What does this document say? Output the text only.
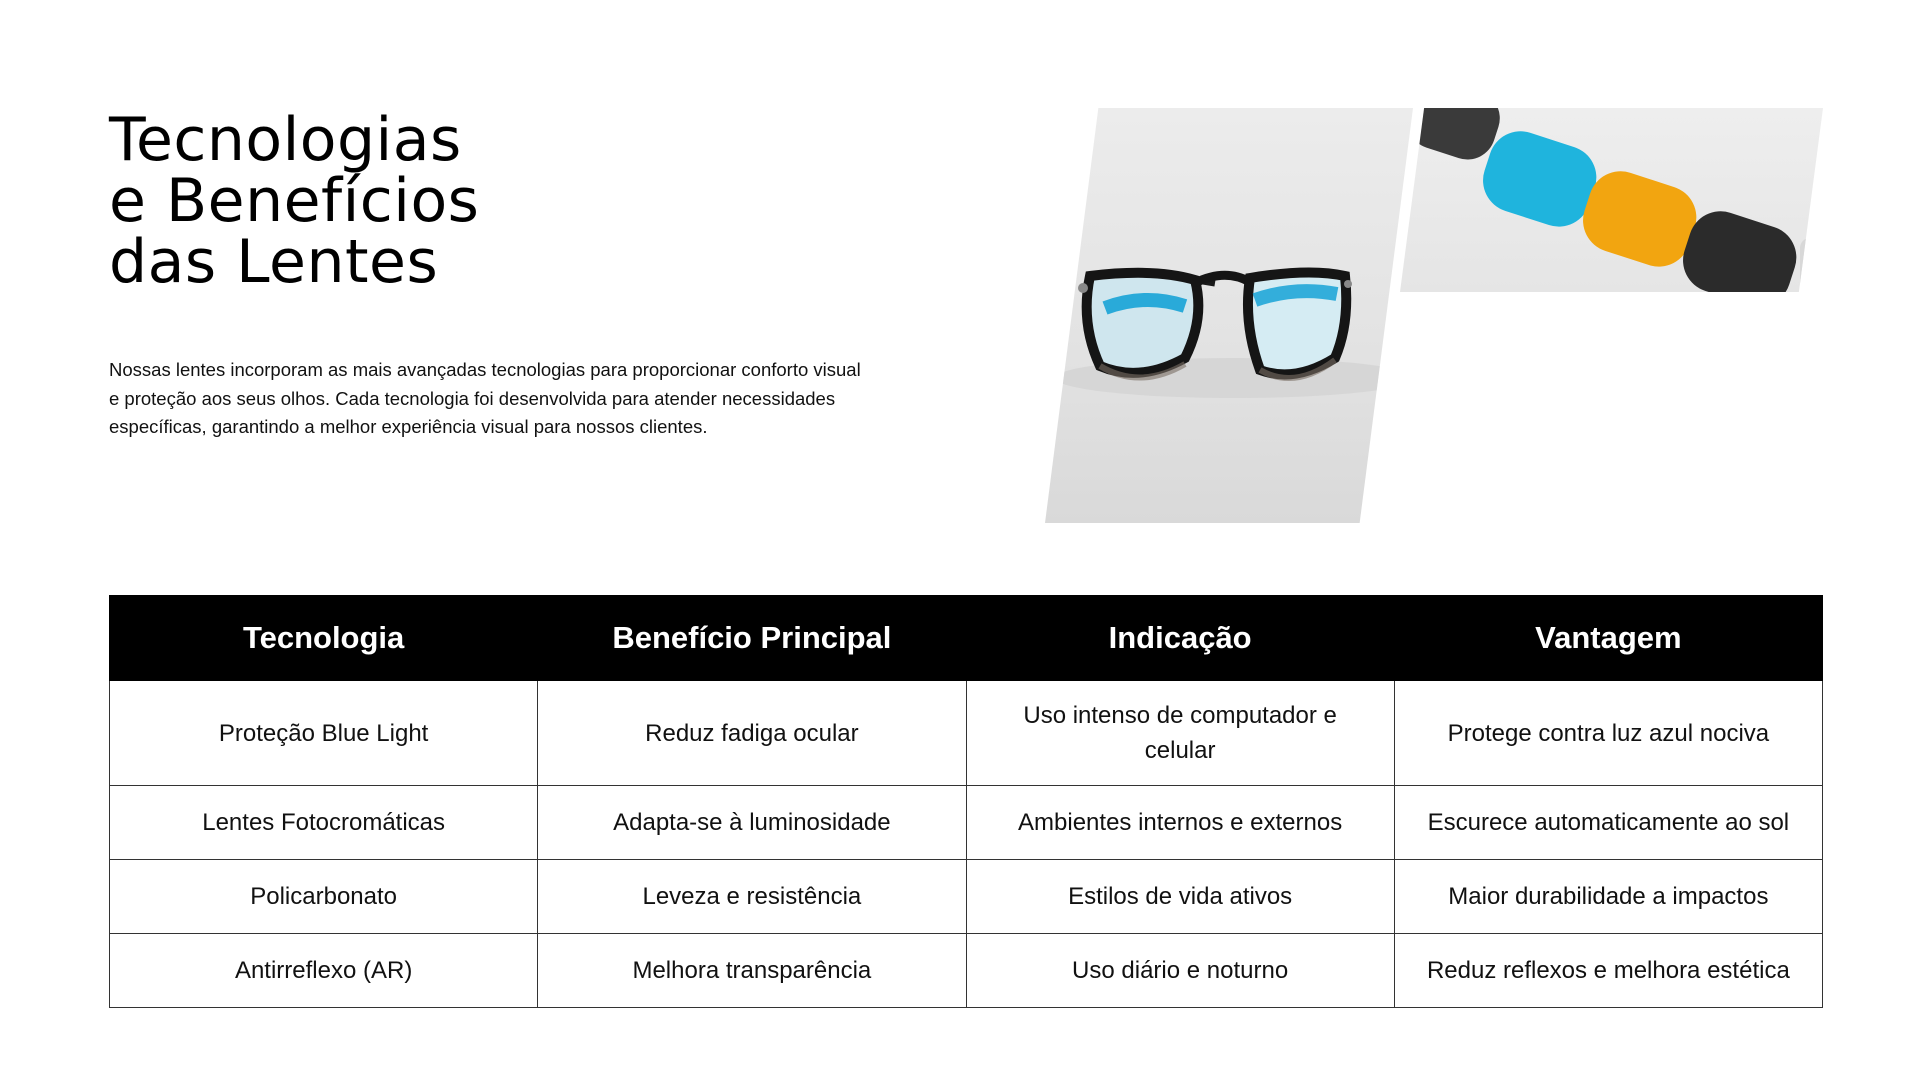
Tecnologias
e Benefícios
das Lentes

Nossas lentes incorporam as mais avançadas tecnologias para proporcionar conforto visual e proteção aos seus olhos. Cada tecnologia foi desenvolvida para atender necessidades específicas, garantindo a melhor experiência visual para nossos clientes.

Tecnologia	Benefício Principal	Indicação	Vantagem
Proteção Blue Light	Reduz fadiga ocular	Uso intenso de computador e celular	Protege contra luz azul nociva
Lentes Fotocromáticas	Adapta-se à luminosidade	Ambientes internos e externos	Escurece automaticamente ao sol
Policarbonato	Leveza e resistência	Estilos de vida ativos	Maior durabilidade a impactos
Antirreflexo (AR)	Melhora transparência	Uso diário e noturno	Reduz reflexos e melhora estética
